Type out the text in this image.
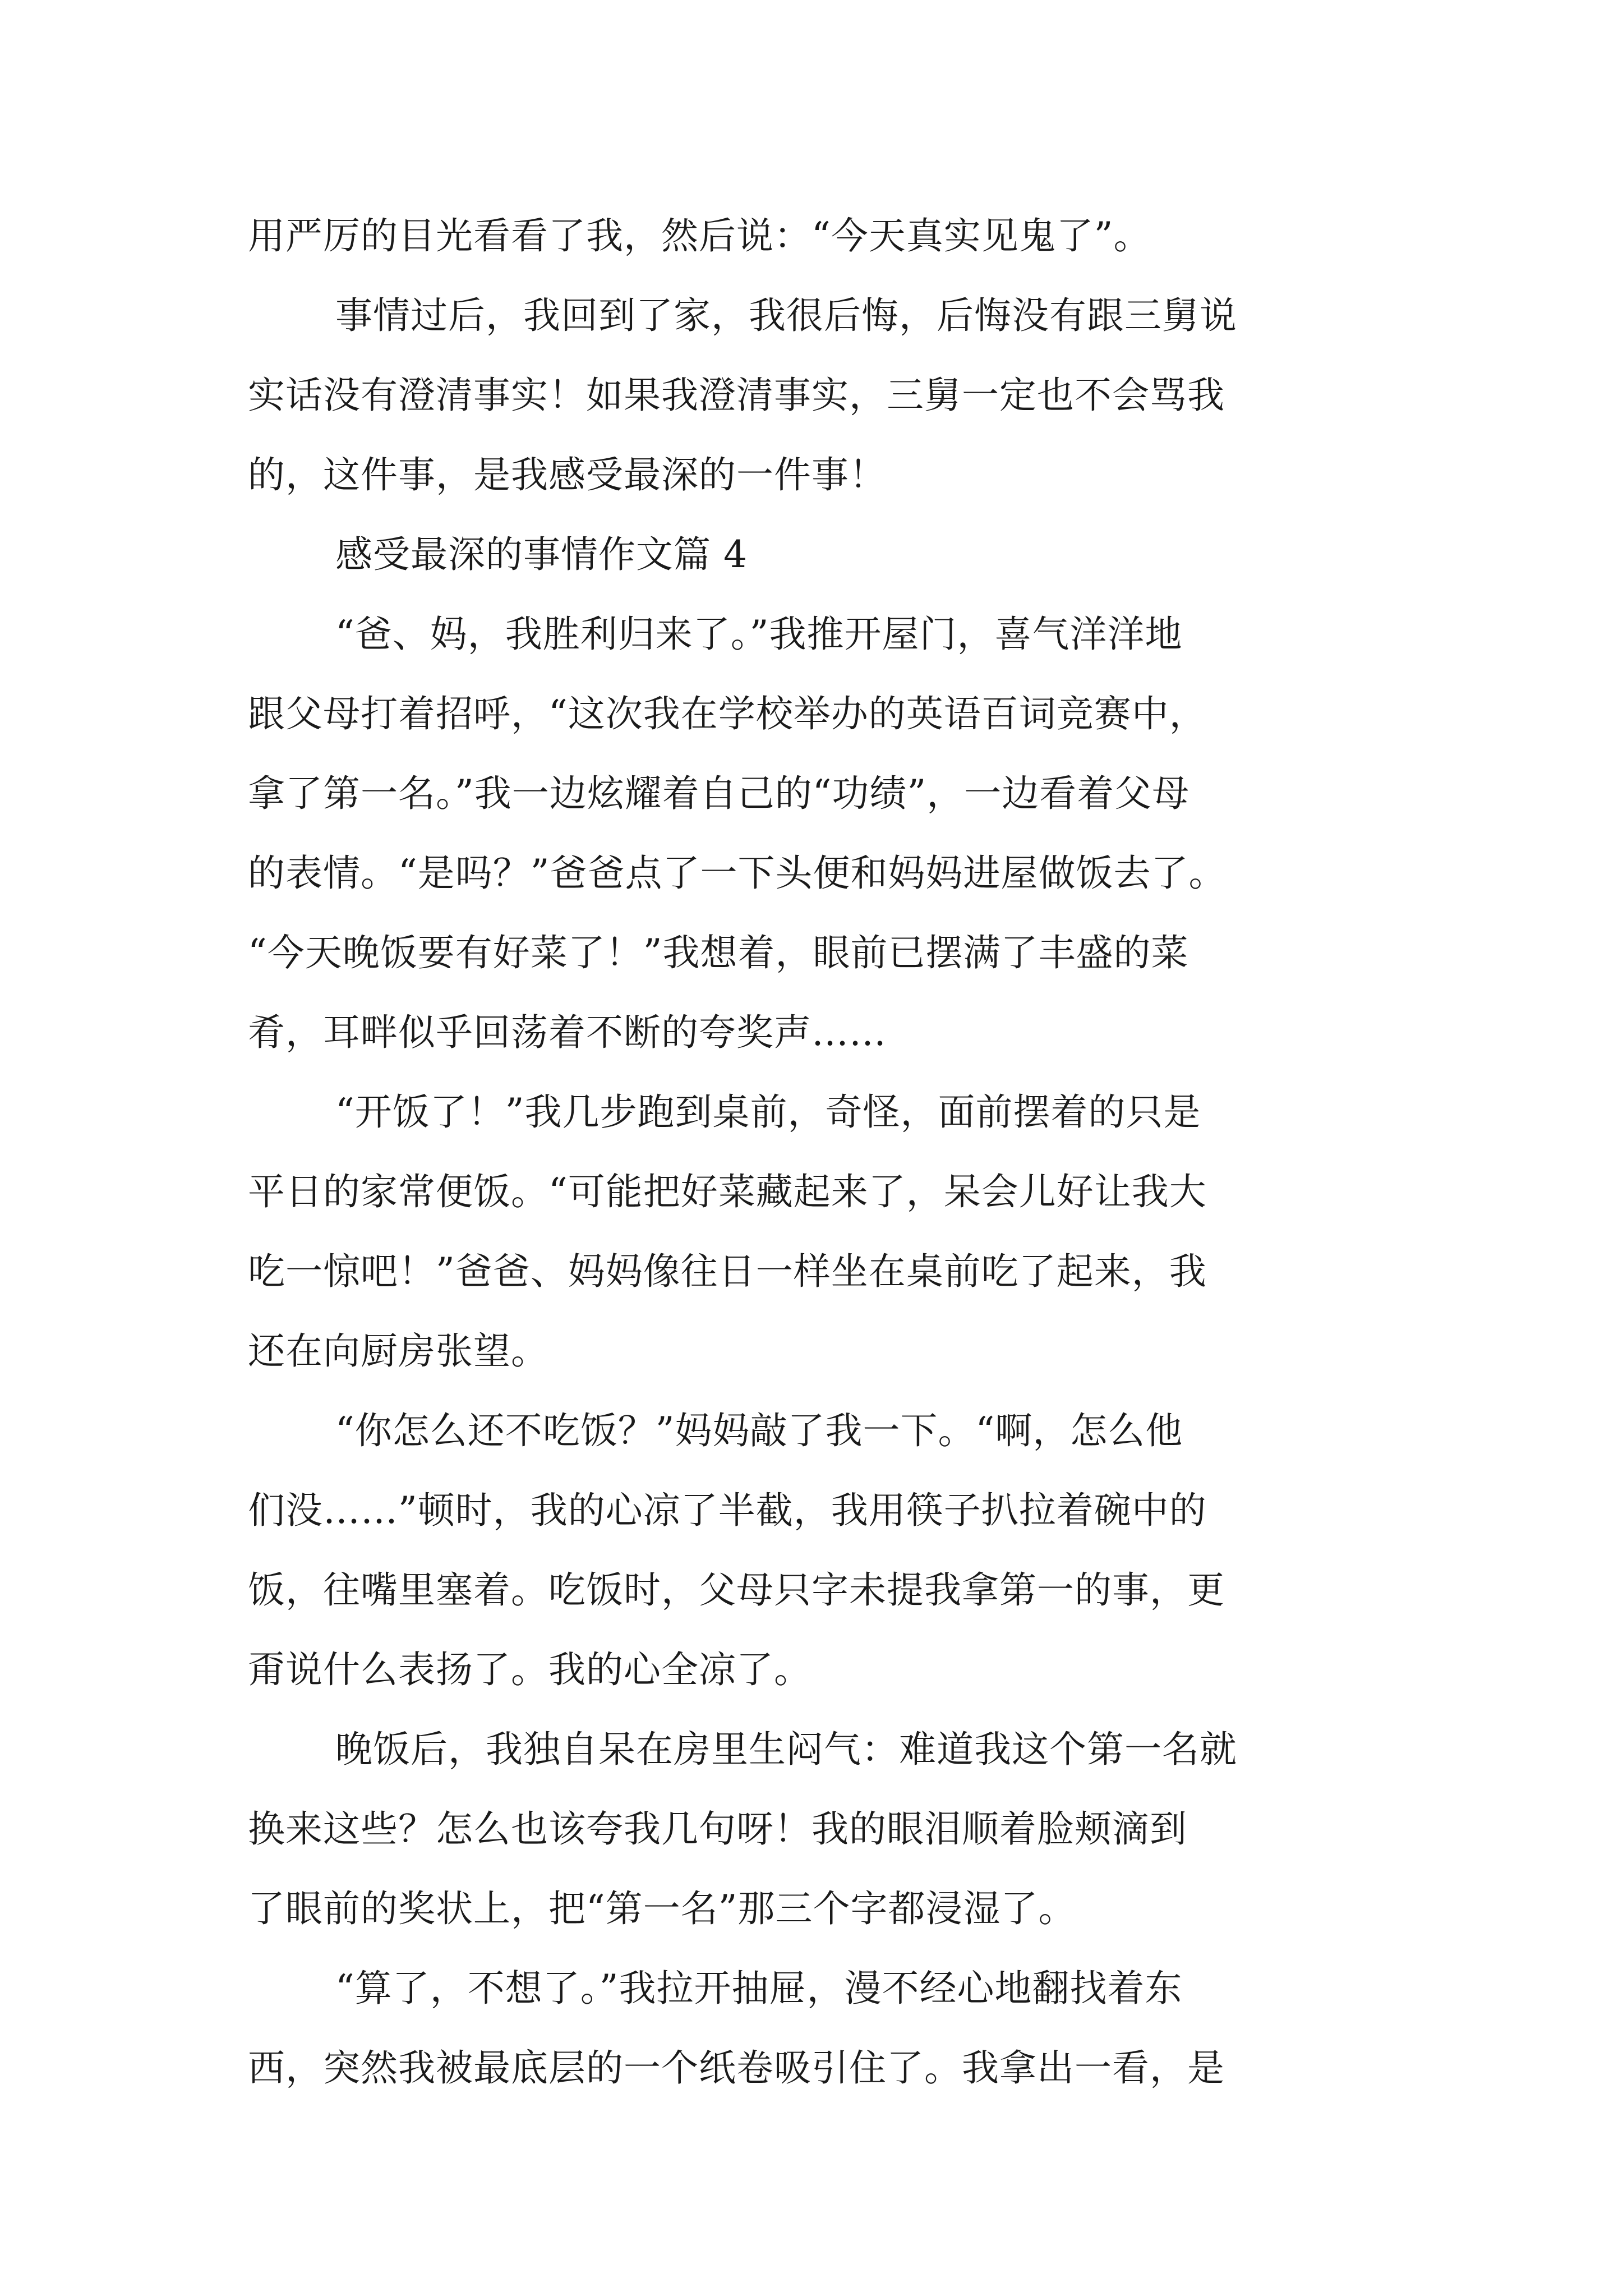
用严厉的目光看看了我，然后说：“今天真实见鬼了”。
事情过后，我回到了家，我很后悔，后悔没有跟三舅说
实话没有澄清事实！如果我澄清事实，三舅一定也不会骂我
的，这件事，是我感受最深的一件事！
感受最深的事情作文篇 4
“爸、妈，我胜利归来了。”我推开屋门，喜气洋洋地
跟父母打着招呼，“这次我在学校举办的英语百词竞赛中，
拿了第一名。”我一边炫耀着自己的“功绩”，一边看着父母
的表情。“是吗？”爸爸点了一下头便和妈妈进屋做饭去了。
“今天晚饭要有好菜了！”我想着，眼前已摆满了丰盛的菜
肴，耳畔似乎回荡着不断的夸奖声……
“开饭了！”我几步跑到桌前，奇怪，面前摆着的只是
平日的家常便饭。“可能把好菜藏起来了，呆会儿好让我大
吃一惊吧！”爸爸、妈妈像往日一样坐在桌前吃了起来，我
还在向厨房张望。
“你怎么还不吃饭？”妈妈敲了我一下。“啊，怎么他
们没……”顿时，我的心凉了半截，我用筷子扒拉着碗中的
饭，往嘴里塞着。吃饭时，父母只字未提我拿第一的事，更
甭说什么表扬了。我的心全凉了。
晚饭后，我独自呆在房里生闷气：难道我这个第一名就
换来这些？怎么也该夸我几句呀！我的眼泪顺着脸颊滴到
了眼前的奖状上，把“第一名”那三个字都浸湿了。
“算了，不想了。”我拉开抽屉，漫不经心地翻找着东
西，突然我被最底层的一个纸卷吸引住了。我拿出一看，是
